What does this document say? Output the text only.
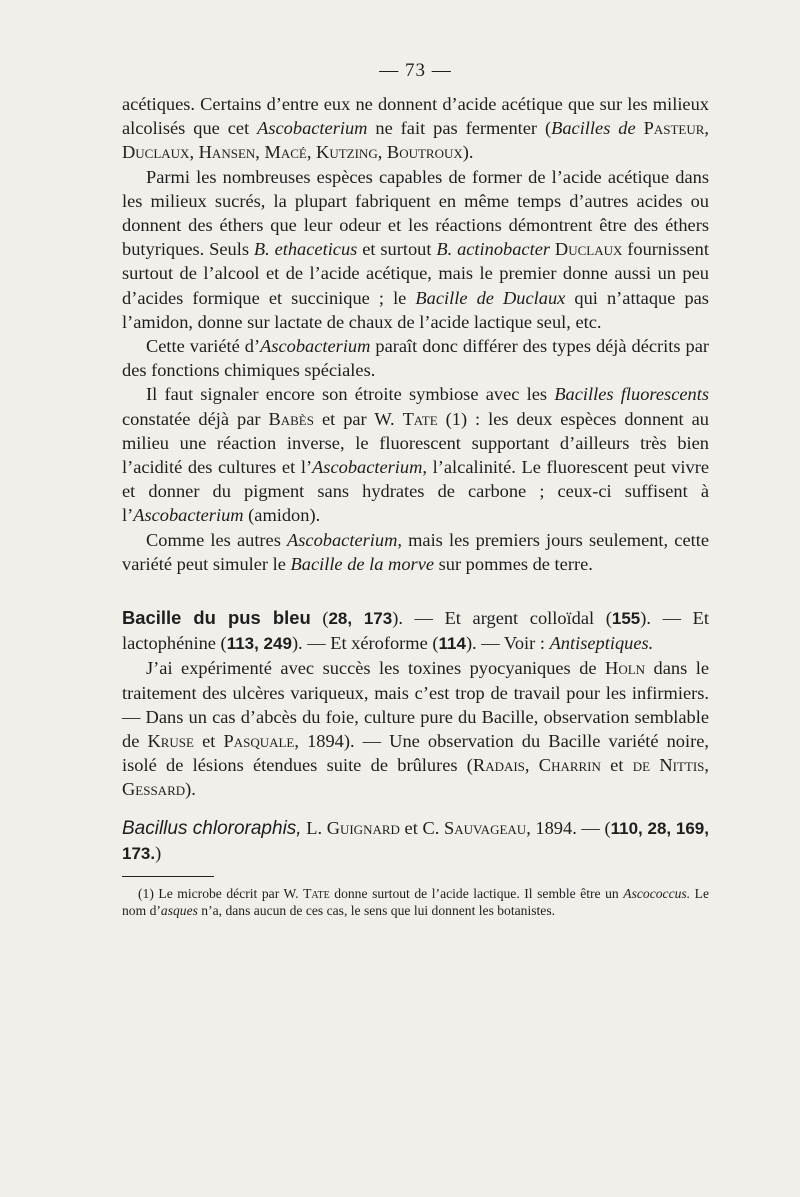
— 73 —

acétiques. Certains d’entre eux ne donnent d’acide acétique que sur les milieux alcolisés que cet Ascobacterium ne fait pas fermenter (Bacilles de Pasteur, Duclaux, Hansen, Macé, Kutzing, Boutroux).

Parmi les nombreuses espèces capables de former de l’acide acétique dans les milieux sucrés, la plupart fabriquent en même temps d’autres acides ou donnent des éthers que leur odeur et les réactions démontrent être des éthers butyriques. Seuls B. ethaceticus et surtout B. actinobacter Duclaux fournissent surtout de l’alcool et de l’acide acétique, mais le premier donne aussi un peu d’acides formique et succinique ; le Bacille de Duclaux qui n’attaque pas l’amidon, donne sur lactate de chaux de l’acide lactique seul, etc.

Cette variété d’Ascobacterium paraît donc différer des types déjà décrits par des fonctions chimiques spéciales.

Il faut signaler encore son étroite symbiose avec les Bacilles fluorescents constatée déjà par Babès et par W. Tate (1) : les deux espèces donnent au milieu une réaction inverse, le fluorescent supportant d’ailleurs très bien l’acidité des cultures et l’Ascobacterium, l’alcalinité. Le fluorescent peut vivre et donner du pigment sans hydrates de carbone ; ceux-ci suffisent à l’Ascobacterium (amidon).

Comme les autres Ascobacterium, mais les premiers jours seulement, cette variété peut simuler le Bacille de la morve sur pommes de terre.

Bacille du pus bleu (28, 173). — Et argent colloïdal (155). — Et lactophénine (113, 249). — Et xéroforme (114). — Voir : Antiseptiques.

J’ai expérimenté avec succès les toxines pyocyaniques de Holn dans le traitement des ulcères variqueux, mais c’est trop de travail pour les infirmiers. — Dans un cas d’abcès du foie, culture pure du Bacille, observation semblable de Kruse et Pasquale, 1894). — Une observation du Bacille variété noire, isolé de lésions étendues suite de brûlures (Radais, Charrin et de Nittis, Gessard).

Bacillus chlororaphis, L. Guignard et C. Sauvageau, 1894. — (110, 28, 169, 173.)

(1) Le microbe décrit par W. Tate donne surtout de l’acide lactique. Il semble être un Ascococcus. Le nom d’asques n’a, dans aucun de ces cas, le sens que lui donnent les botanistes.
